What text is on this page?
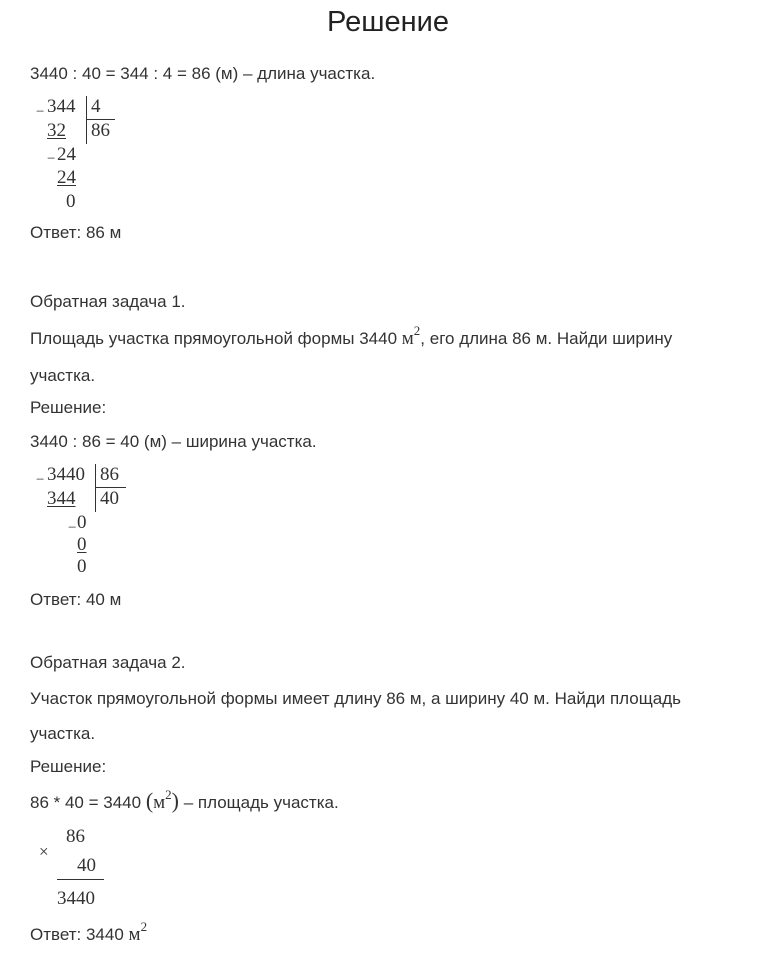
Решение
3440 : 40 = 344 : 4 = 86 (м) – длина участка.
− 344 4
32 86
− 24
24
0
Ответ: 86 м
Обратная задача 1.
Площадь участка прямоугольной формы 3440 $м^2$, его длина 86 м. Найди ширину
участка.
Решение:
3440 : 86 = 40 (м) – ширина участка.
− 3440 86
344 40
− 0
0
0
Ответ: 40 м
Обратная задача 2.
Участок прямоугольной формы имеет длину 86 м, а ширину 40 м. Найди площадь
участка.
Решение:
86 * 40 = 3440 $(м^2)$ – площадь участка.
×
86
40
3440
Ответ: 3440 $м^2$
